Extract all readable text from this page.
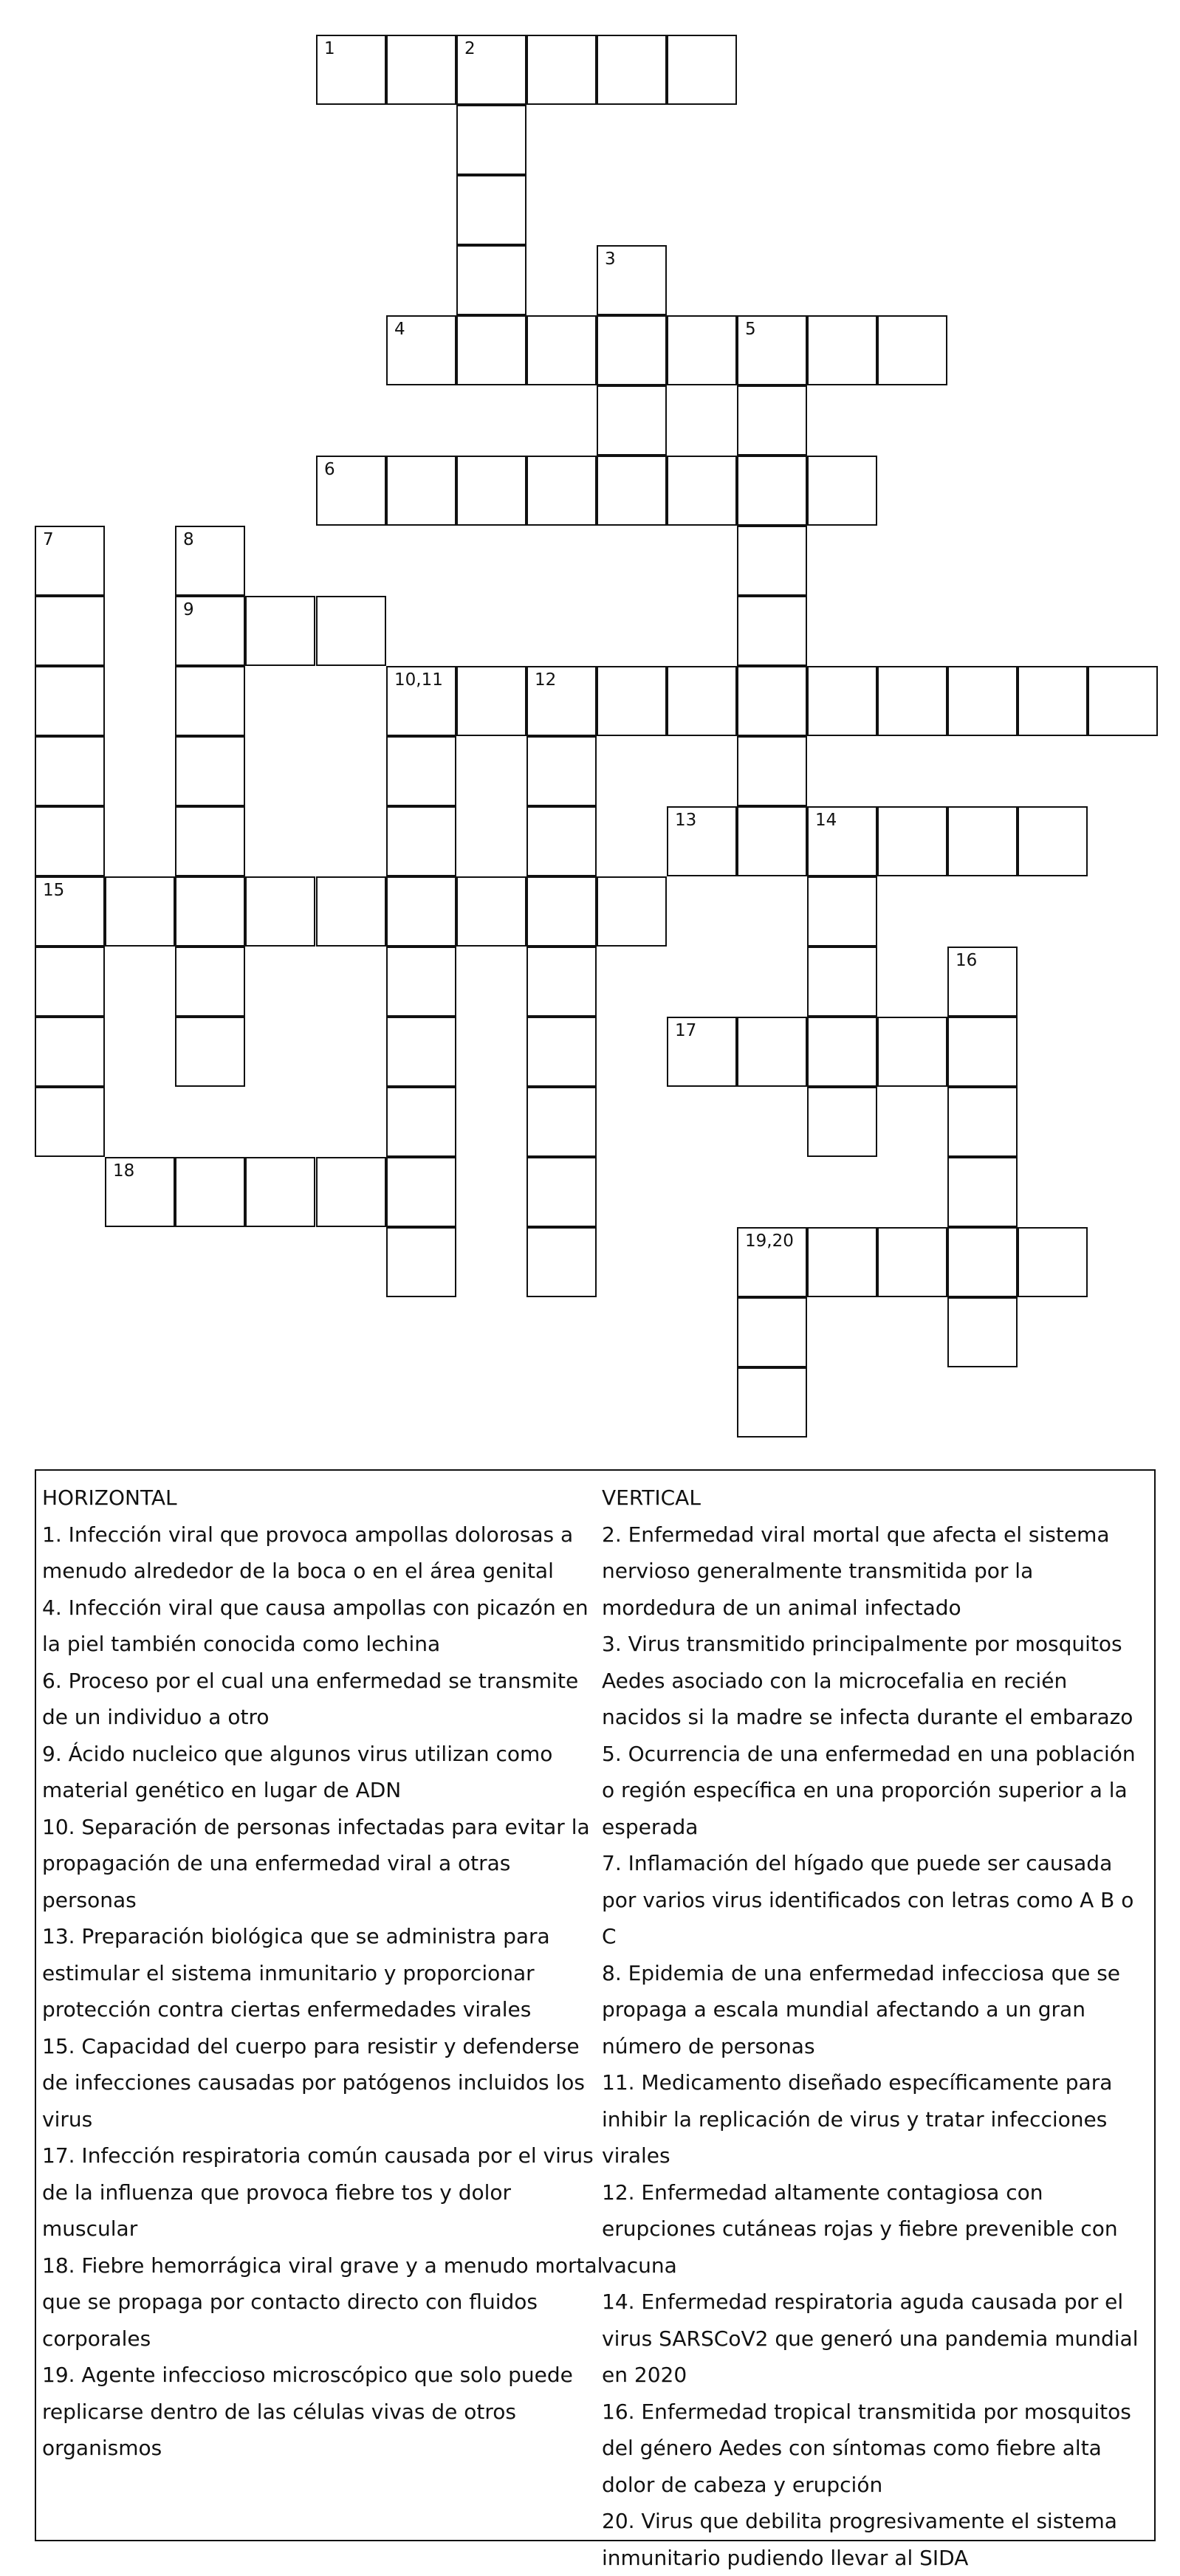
1	2
3
4	5
6
7	8
9
10,11	12
13	14
15
16
17
18
19,20

HORIZONTAL

1. Infección viral que provoca ampollas dolorosas a menudo alrededor de la boca o en el área genital

4. Infección viral que causa ampollas con picazón en la piel también conocida como lechina

6. Proceso por el cual una enfermedad se transmite de un individuo a otro

9. Ácido nucleico que algunos virus utilizan como material genético en lugar de ADN

10. Separación de personas infectadas para evitar la propagación de una enfermedad viral a otras personas

13. Preparación biológica que se administra para estimular el sistema inmunitario y proporcionar protección contra ciertas enfermedades virales

15. Capacidad del cuerpo para resistir y defenderse de infecciones causadas por patógenos incluidos los virus

17. Infección respiratoria común causada por el virus de la influenza que provoca fiebre tos y dolor muscular

18. Fiebre hemorrágica viral grave y a menudo mortal que se propaga por contacto directo con fluidos corporales

19. Agente infeccioso microscópico que solo puede replicarse dentro de las células vivas de otros organismos

VERTICAL

2. Enfermedad viral mortal que afecta el sistema nervioso generalmente transmitida por la mordedura de un animal infectado

3. Virus transmitido principalmente por mosquitos Aedes asociado con la microcefalia en recién nacidos si la madre se infecta durante el embarazo

5. Ocurrencia de una enfermedad en una población o región específica en una proporción superior a la esperada

7. Inflamación del hígado que puede ser causada por varios virus identificados con letras como A B o C

8. Epidemia de una enfermedad infecciosa que se propaga a escala mundial afectando a un gran número de personas

11. Medicamento diseñado específicamente para inhibir la replicación de virus y tratar infecciones virales

12. Enfermedad altamente contagiosa con erupciones cutáneas rojas y fiebre prevenible con vacuna

14. Enfermedad respiratoria aguda causada por el virus SARSCoV2 que generó una pandemia mundial en 2020

16. Enfermedad tropical transmitida por mosquitos del género Aedes con síntomas como fiebre alta dolor de cabeza y erupción

20. Virus que debilita progresivamente el sistema inmunitario pudiendo llevar al SIDA
